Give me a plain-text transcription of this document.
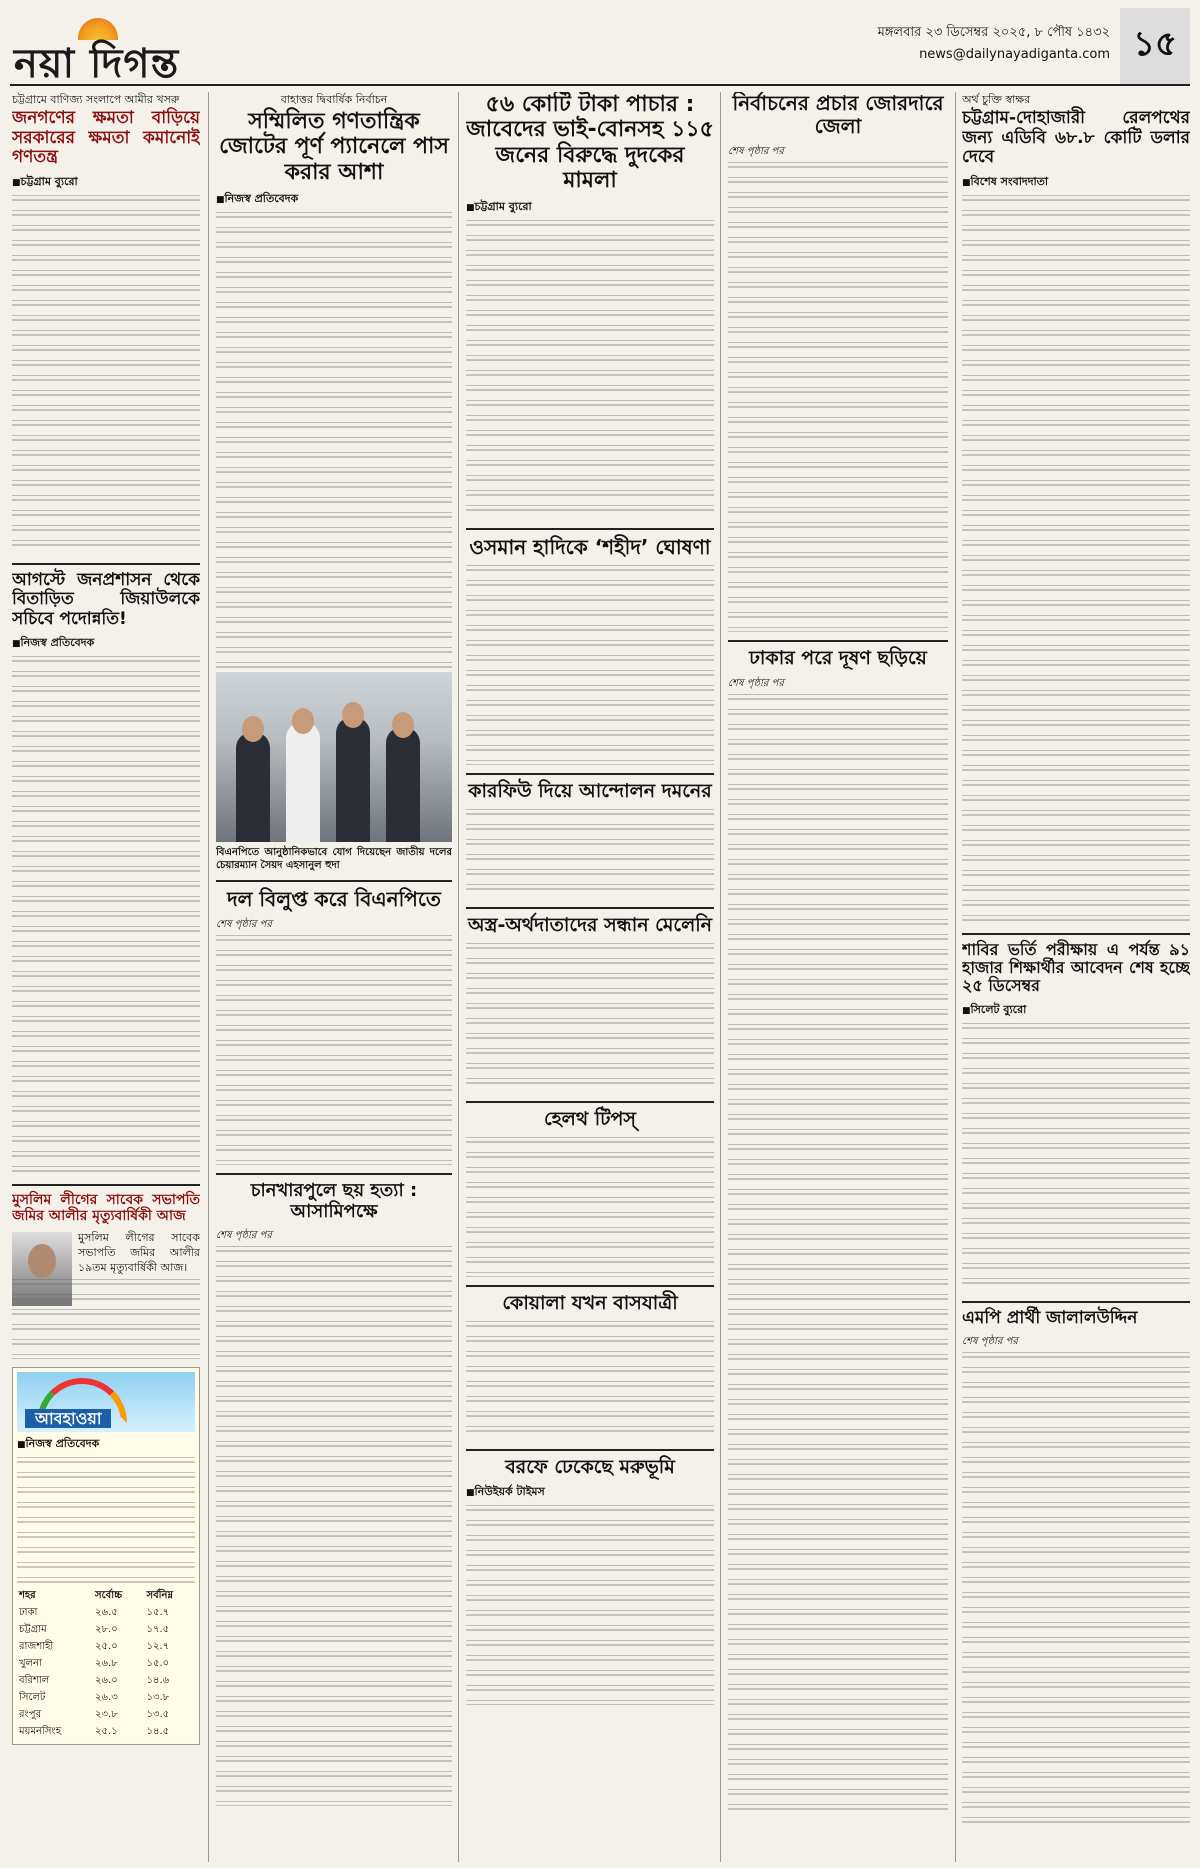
নয়া দিগন্ত
মঙ্গলবার ২৩ ডিসেম্বর ২০২৫, ৮ পৌষ ১৪৩২
news@dailynayadiganta.com ১৫
চট্টগ্রামে বাণিজ্য সংলাপে আমীর খসরু
জনগণের ক্ষমতা বাড়িয়ে সরকারের ক্ষমতা কমানোই গণতন্ত্র
■ চট্টগ্রাম ব্যুরো
আগস্টে জনপ্রশাসন থেকে বিতাড়িত জিয়াউলকে সচিবে পদোন্নতি!
■ নিজস্ব প্রতিবেদক
মুসলিম লীগের সাবেক সভাপতি জমির আলীর মৃত্যুবার্ষিকী আজ

মুসলিম লীগের সাবেক সভাপতি জমির আলীর ১৯তম মৃত্যুবার্ষিকী আজ।

আবহাওয়া
■ নিজস্ব প্রতিবেদক
শহর	সর্বোচ্চ	সর্বনিম্ন
ঢাকা	২৬.৫	১৫.৭
চট্টগ্রাম	২৮.০	১৭.৫
রাজশাহী	২৫.০	১২.৭
খুলনা	২৬.৮	১৫.০
বরিশাল	২৬.০	১৪.৬
সিলেট	২৬.৩	১৩.৮
রংপুর	২৩.৮	১৩.৫
ময়মনসিংহ	২৫.১	১৪.৫
বাহাত্তর দ্বিবার্ষিক নির্বাচন
সম্মিলিত গণতান্ত্রিক জোটের পূর্ণ প্যানেলে পাস করার আশা
■ নিজস্ব প্রতিবেদক
বিএনপিতে আনুষ্ঠানিকভাবে যোগ দিয়েছেন জাতীয় দলের চেয়ারম্যান সৈয়দ এহসানুল হুদা
দল বিলুপ্ত করে বিএনপিতে
শেষ পৃষ্ঠার পর
চানখারপুলে ছয় হত্যা : আসামিপক্ষে
শেষ পৃষ্ঠার পর
৫৬ কোটি টাকা পাচার : জাবেদের ভাই-বোনসহ ১১৫ জনের বিরুদ্ধে দুদকের মামলা
■ চট্টগ্রাম ব্যুরো
ওসমান হাদিকে ‘শহীদ’ ঘোষণা
কারফিউ দিয়ে আন্দোলন দমনের
অস্ত্র-অর্থদাতাদের সন্ধান মেলেনি
হেলথ টিপস্
কোয়ালা যখন বাসযাত্রী
বরফে ঢেকেছে মরুভূমি
■ নিউইয়র্ক টাইমস
নির্বাচনের প্রচার জোরদারে জেলা
শেষ পৃষ্ঠার পর
ঢাকার পরে দূষণ ছড়িয়ে
শেষ পৃষ্ঠার পর
অর্থ চুক্তি স্বাক্ষর
চট্টগ্রাম-দোহাজারী রেলপথের জন্য এডিবি ৬৮.৮ কোটি ডলার দেবে
■ বিশেষ সংবাদদাতা
শাবির ভর্তি পরীক্ষায় এ পর্যন্ত ৯১ হাজার শিক্ষার্থীর আবেদন শেষ হচ্ছে ২৫ ডিসেম্বর
■ সিলেট ব্যুরো
এমপি প্রার্থী জালালউদ্দিন
শেষ পৃষ্ঠার পর
